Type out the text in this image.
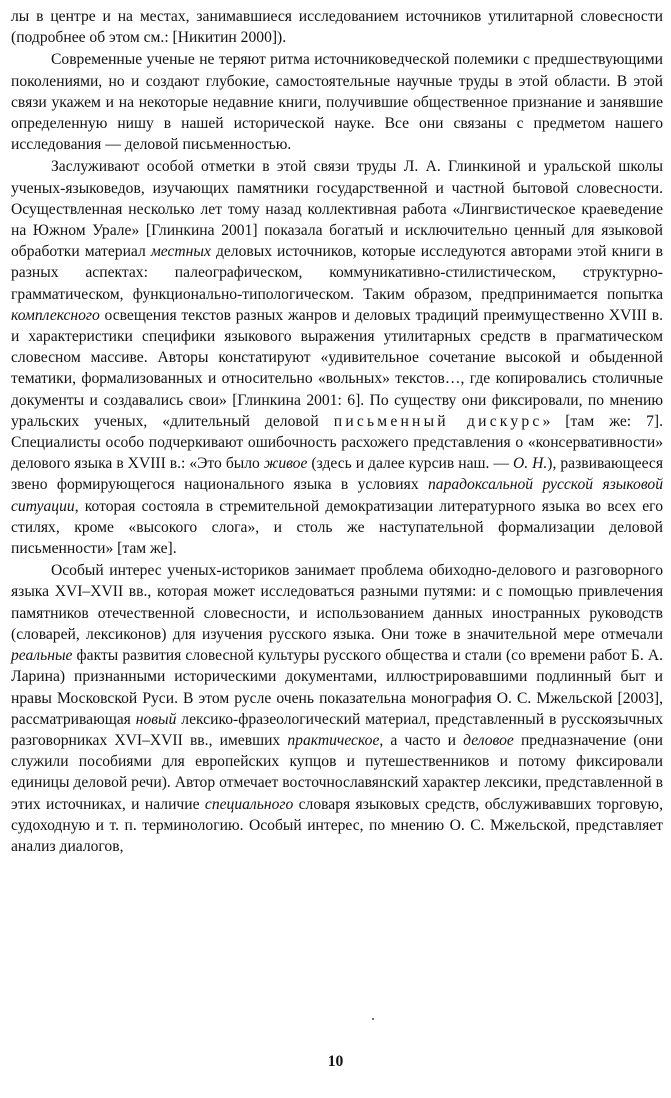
лы в центре и на местах, занимавшиеся исследованием источников утилитарной словесности (подробнее об этом см.: [Никитин 2000]).

Современные ученые не теряют ритма источниковедческой полемики с предшествующими поколениями, но и создают глубокие, самостоятельные научные труды в этой области. В этой связи укажем и на некоторые недавние книги, получившие общественное признание и занявшие определенную нишу в нашей исторической науке. Все они связаны с предметом нашего исследования — деловой письменностью.

Заслуживают особой отметки в этой связи труды Л. А. Глинкиной и уральской школы ученых-языковедов, изучающих памятники государственной и частной бытовой словесности. Осуществленная несколько лет тому назад коллективная работа «Лингвистическое краеведение на Южном Урале» [Глинкина 2001] показала богатый и исключительно ценный для языковой обработки материал местных деловых источников, которые исследуются авторами этой книги в разных аспектах: палеографическом, коммуникативно-стилистическом, структурно-грамматическом, функционально-типологическом. Таким образом, предпринимается попытка комплексного освещения текстов разных жанров и деловых традиций преимущественно XVIII в. и характеристики специфики языкового выражения утилитарных средств в прагматическом словесном массиве. Авторы констатируют «удивительное сочетание высокой и обыденной тематики, формализованных и относительно «вольных» текстов…, где копировались столичные документы и создавались свои» [Глинкина 2001: 6]. По существу они фиксировали, по мнению уральских ученых, «длительный деловой письменный дискурс» [там же: 7]. Специалисты особо подчеркивают ошибочность расхожего представления о «консервативности» делового языка в XVIII в.: «Это было живое (здесь и далее курсив наш. — О. Н.), развивающееся звено формирующегося национального языка в условиях парадоксальной русской языковой ситуации, которая состояла в стремительной демократизации литературного языка во всех его стилях, кроме «высокого слога», и столь же наступательной формализации деловой письменности» [там же].

Особый интерес ученых-историков занимает проблема обиходно-делового и разговорного языка XVI–XVII вв., которая может исследоваться разными путями: и с помощью привлечения памятников отечественной словесности, и использованием данных иностранных руководств (словарей, лексиконов) для изучения русского языка. Они тоже в значительной мере отмечали реальные факты развития словесной культуры русского общества и стали (со времени работ Б. А. Ларина) признанными историческими документами, иллюстрировавшими подлинный быт и нравы Московской Руси. В этом русле очень показательна монография О. С. Мжельской [2003], рассматривающая новый лексико-фразеологический материал, представленный в русскоязычных разговорниках XVI–XVII вв., имевших практическое, а часто и деловое предназначение (они служили пособиями для европейских купцов и путешественников и потому фиксировали единицы деловой речи). Автор отмечает восточнославянский характер лексики, представленной в этих источниках, и наличие специального словаря языковых средств, обслуживавших торговую, судоходную и т. п. терминологию. Особый интерес, по мнению О. С. Мжельской, представляет анализ диалогов,

10
